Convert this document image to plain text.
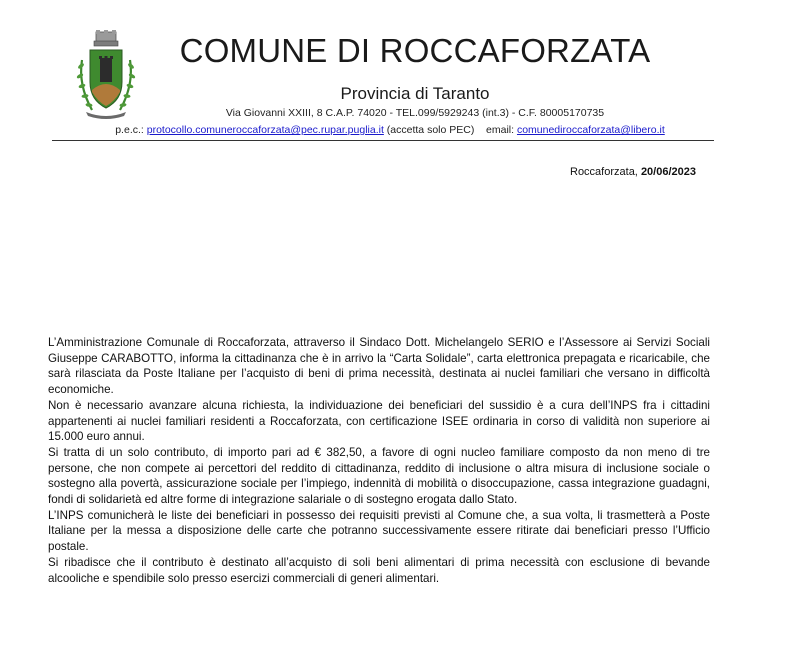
COMUNE DI ROCCAFORZATA
Provincia di Taranto
Via Giovanni XXIII, 8 C.A.P. 74020 - TEL.099/5929243 (int.3) - C.F. 80005170735
p.e.c.: protocollo.comuneroccaforzata@pec.rupar.puglia.it (accetta solo PEC) email: comunediroccaforzata@libero.it
Roccaforzata, 20/06/2023

L’Amministrazione Comunale di Roccaforzata, attraverso il Sindaco Dott. Michelangelo SERIO e l’Assessore ai Servizi Sociali Giuseppe CARABOTTO, informa la cittadinanza che è in arrivo la “Carta Solidale”, carta elettronica prepagata e ricaricabile, che sarà rilasciata da Poste Italiane per l’acquisto di beni di prima necessità, destinata ai nuclei familiari che versano in difficoltà economiche.

Non è necessario avanzare alcuna richiesta, la individuazione dei beneficiari del sussidio è a cura dell’INPS fra i cittadini appartenenti ai nuclei familiari residenti a Roccaforzata, con certificazione ISEE ordinaria in corso di validità non superiore ai 15.000 euro annui.

Si tratta di un solo contributo, di importo pari ad € 382,50, a favore di ogni nucleo familiare composto da non meno di tre persone, che non compete ai percettori del reddito di cittadinanza, reddito di inclusione o altra misura di inclusione sociale o sostegno alla povertà, assicurazione sociale per l’impiego, indennità di mobilità o disoccupazione, cassa integrazione guadagni, fondi di solidarietà ed altre forme di integrazione salariale o di sostegno erogata dallo Stato.

L’INPS comunicherà le liste dei beneficiari in possesso dei requisiti previsti al Comune che, a sua volta, li trasmetterà a Poste Italiane per la messa a disposizione delle carte che potranno successivamente essere ritirate dai beneficiari presso l’Ufficio postale.

Si ribadisce che il contributo è destinato all’acquisto di soli beni alimentari di prima necessità con esclusione di bevande alcooliche e spendibile solo presso esercizi commerciali di generi alimentari.
